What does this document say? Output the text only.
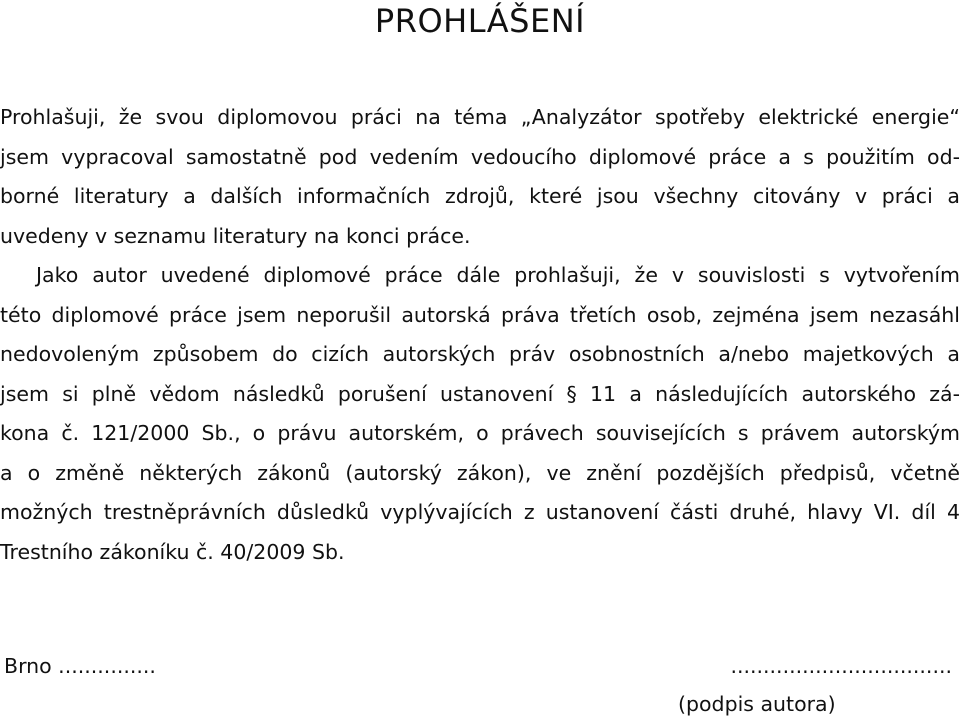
PROHLÁŠENÍ
Prohlašuji, že svou diplomovou práci na téma „Analyzátor spotřeby elektrické energie“
jsem vypracoval samostatně pod vedením vedoucího diplomové práce a s použitím od-
borné literatury a dalších informačních zdrojů, které jsou všechny citovány v práci a
uvedeny v seznamu literatury na konci práce.
Jako autor uvedené diplomové práce dále prohlašuji, že v souvislosti s vytvořením
této diplomové práce jsem neporušil autorská práva třetích osob, zejména jsem nezasáhl
nedovoleným způsobem do cizích autorských práv osobnostních a/nebo majetkových a
jsem si plně vědom následků porušení ustanovení § 11 a následujících autorského zá-
kona č. 121/2000 Sb., o právu autorském, o právech souvisejících s právem autorským
a o změně některých zákonů (autorský zákon), ve znění pozdějších předpisů, včetně
možných trestněprávních důsledků vyplývajících z ustanovení části druhé, hlavy VI. díl 4
Trestního zákoníku č. 40/2009 Sb.
Brno ...............	..................................
(podpis autora)
